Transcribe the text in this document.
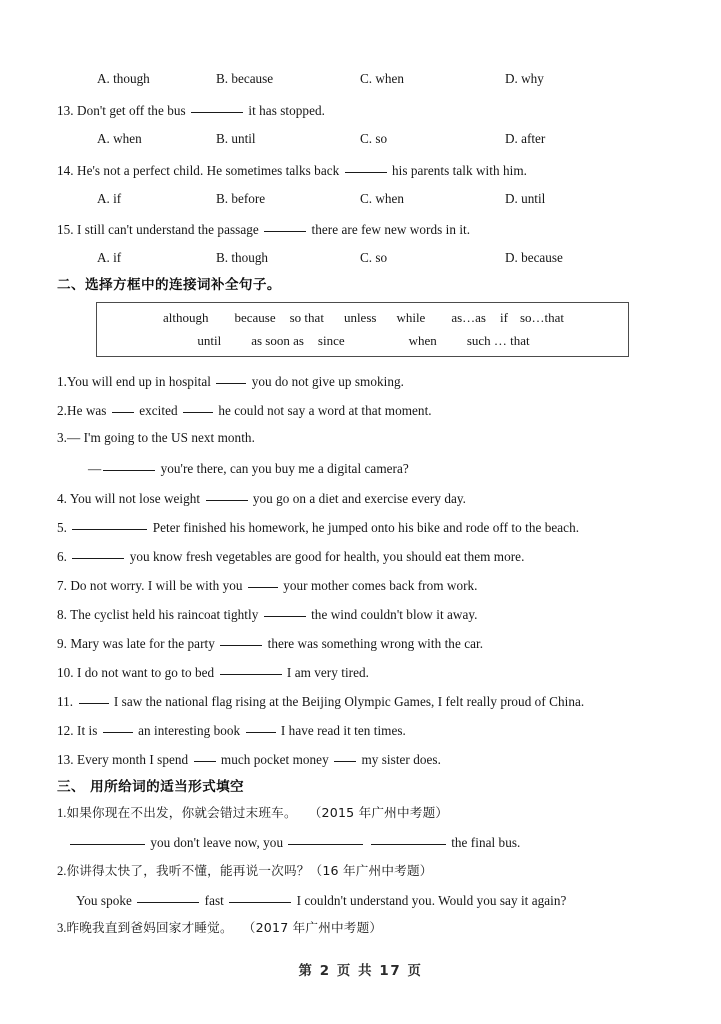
A. though	B. because	C. when	D. why
13. Don't get off the bus	it has stopped.
A. when	B. until	C. so	D. after
14. He's not a perfect child. He sometimes talks back	his parents talk with him.
A. if	B. before	C. when	D. until
15. I still can't understand the passage	there are few new words in it.
A. if	B. though	C. so	D. because
二、选择方框中的连接词补全句子。
although because so that unless while as…as if so…that
until as soon as since	when such … that
1.You will end up in hospital	you do not give up smoking.
2.He was excited	he could not say a word at that moment.
3.— I'm going to the US next month.
—	you're there, can you buy me a digital camera?
4. You will not lose weight	you go on a diet and exercise every day.
5.	Peter finished his homework, he jumped onto his bike and rode off to the beach.
6.	you know fresh vegetables are good for health, you should eat them more.
7. Do not worry. I will be with you	your mother comes back from work.
8. The cyclist held his raincoat tightly	the wind couldn't blow it away.
9. Mary was late for the party	there was something wrong with the car.
10. I do not want to go to bed	I am very tired.
11.	I saw the national flag rising at the Beijing Olympic Games, I felt really proud of China.
12. It is	an interesting book	I have read it ten times.
13. Every month I spend much pocket money my sister does.
三、 用所给词的适当形式填空
1.如果你现在不出发，你就会错过末班车。 （2015 年广州中考题）
you don't leave now, you	the final bus.
2.你讲得太快了，我听不懂，能再说一次吗？（16 年广州中考题）
You spoke	fast	I couldn't understand you. Would you say it again?
3.昨晚我直到爸妈回家才睡觉。 （2017 年广州中考题）
第 2 页 共 17 页
